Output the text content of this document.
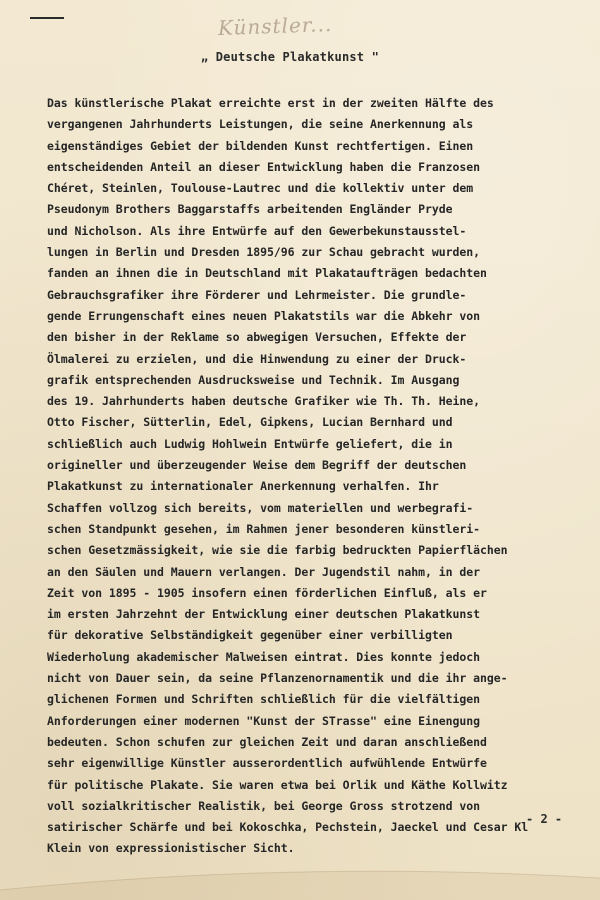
Künstler...
„ Deutsche Plakatkunst "
Das künstlerische Plakat erreichte erst in der zweiten Hälfte des
vergangenen Jahrhunderts Leistungen, die seine Anerkennung als
eigenständiges Gebiet der bildenden Kunst rechtfertigen. Einen
entscheidenden Anteil an dieser Entwicklung haben die Franzosen
Chéret, Steinlen, Toulouse-Lautrec und die kollektiv unter dem
Pseudonym Brothers Baggarstaffs arbeitenden Engländer Pryde
und Nicholson. Als ihre Entwürfe auf den Gewerbekunstausstel-
lungen in Berlin und Dresden 1895/96 zur Schau gebracht wurden,
fanden an ihnen die in Deutschland mit Plakataufträgen bedachten
Gebrauchsgrafiker ihre Förderer und Lehrmeister. Die grundle-
gende Errungenschaft eines neuen Plakatstils war die Abkehr von
den bisher in der Reklame so abwegigen Versuchen, Effekte der
Ölmalerei zu erzielen, und die Hinwendung zu einer der Druck-
grafik entsprechenden Ausdrucksweise und Technik. Im Ausgang
des 19. Jahrhunderts haben deutsche Grafiker wie Th. Th. Heine,
Otto Fischer, Sütterlin, Edel, Gipkens, Lucian Bernhard und
schließlich auch Ludwig Hohlwein Entwürfe geliefert, die in
origineller und überzeugender Weise dem Begriff der deutschen
Plakatkunst zu internationaler Anerkennung verhalfen. Ihr
Schaffen vollzog sich bereits, vom materiellen und werbegrafi-
schen Standpunkt gesehen, im Rahmen jener besonderen künstleri-
schen Gesetzmässigkeit, wie sie die farbig bedruckten Papierflächen
an den Säulen und Mauern verlangen. Der Jugendstil nahm, in der
Zeit von 1895 - 1905 insofern einen förderlichen Einfluß, als er
im ersten Jahrzehnt der Entwicklung einer deutschen Plakatkunst
für dekorative Selbständigkeit gegenüber einer verbilligten
Wiederholung akademischer Malweisen eintrat. Dies konnte jedoch
nicht von Dauer sein, da seine Pflanzenornamentik und die ihr ange-
glichenen Formen und Schriften schließlich für die vielfältigen
Anforderungen einer modernen "Kunst der STrasse" eine Einengung
bedeuten. Schon schufen zur gleichen Zeit und daran anschließend
sehr eigenwillige Künstler ausserordentlich aufwühlende Entwürfe
für politische Plakate. Sie waren etwa bei Orlik und Käthe Kollwitz
voll sozialkritischer Realistik, bei George Gross strotzend von
satirischer Schärfe und bei Kokoschka, Pechstein, Jaeckel und Cesar Kl
Klein von expressionistischer Sicht.
- 2 -
